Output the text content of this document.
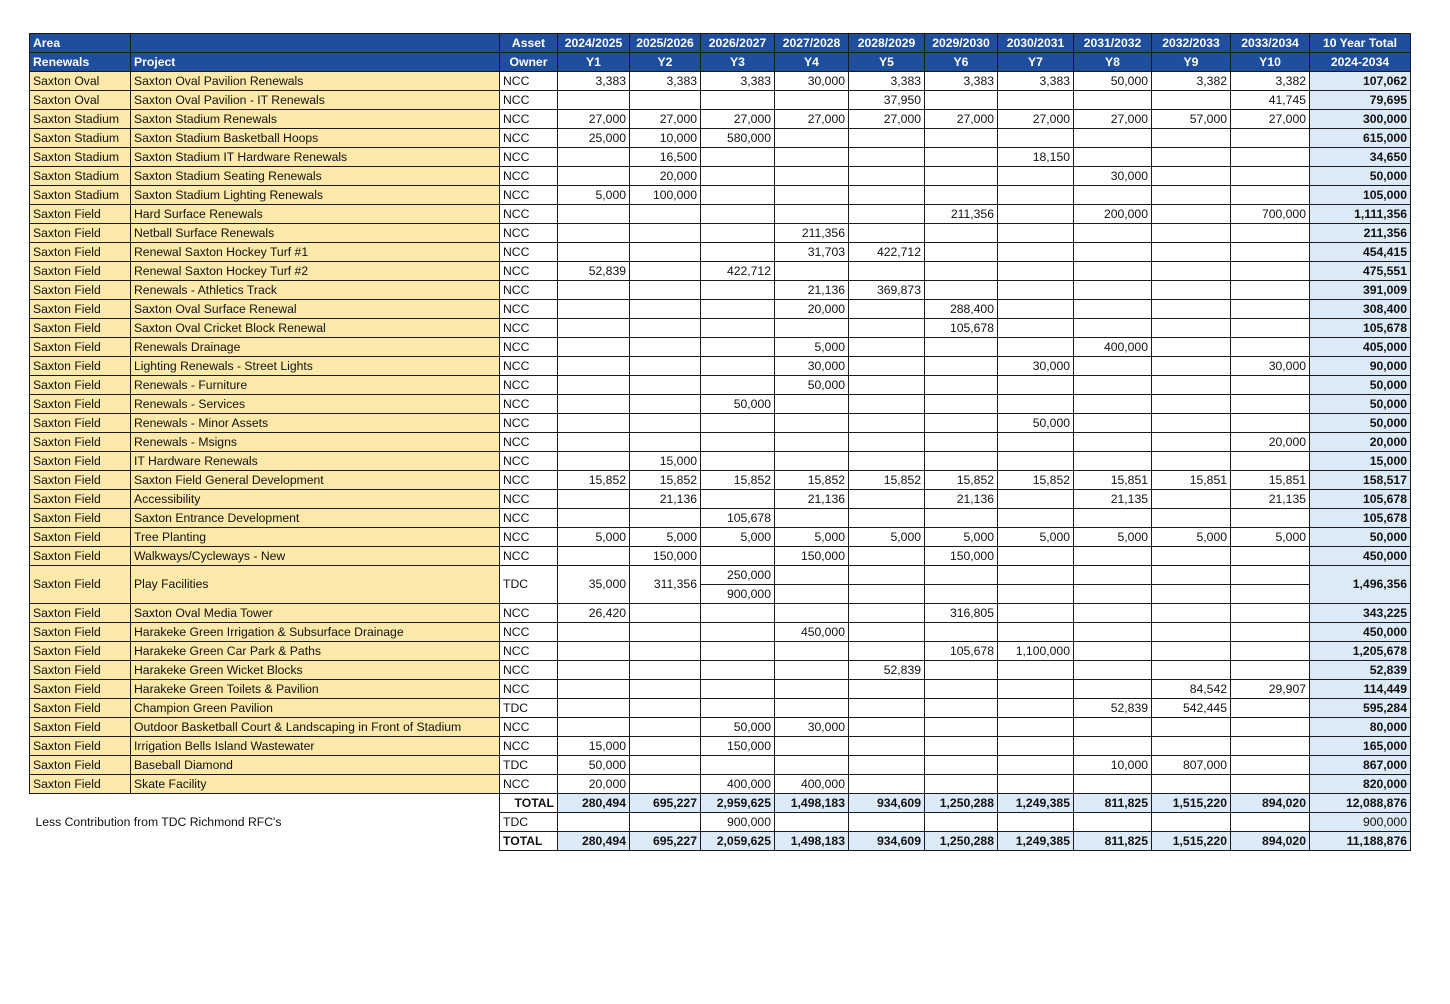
Area		Asset	2024/2025	2025/2026	2026/2027	2027/2028	2028/2029	2029/2030	2030/2031	2031/2032	2032/2033	2033/2034	10 Year Total
Renewals	Project	Owner	Y1	Y2	Y3	Y4	Y5	Y6	Y7	Y8	Y9	Y10	2024-2034
Saxton Oval	Saxton Oval Pavilion Renewals	NCC	3,383	3,383	3,383	30,000	3,383	3,383	3,383	50,000	3,382	3,382	107,062
Saxton Oval	Saxton Oval Pavilion - IT Renewals	NCC					37,950					41,745	79,695
Saxton Stadium	Saxton Stadium Renewals	NCC	27,000	27,000	27,000	27,000	27,000	27,000	27,000	27,000	57,000	27,000	300,000
Saxton Stadium	Saxton Stadium Basketball Hoops	NCC	25,000	10,000	580,000								615,000
Saxton Stadium	Saxton Stadium IT Hardware Renewals	NCC		16,500					18,150				34,650
Saxton Stadium	Saxton Stadium Seating Renewals	NCC		20,000						30,000			50,000
Saxton Stadium	Saxton Stadium Lighting Renewals	NCC	5,000	100,000									105,000
Saxton Field	Hard Surface Renewals	NCC						211,356		200,000		700,000	1,111,356
Saxton Field	Netball Surface Renewals	NCC				211,356							211,356
Saxton Field	Renewal Saxton Hockey Turf #1	NCC				31,703	422,712						454,415
Saxton Field	Renewal Saxton Hockey Turf #2	NCC	52,839		422,712								475,551
Saxton Field	Renewals - Athletics Track	NCC				21,136	369,873						391,009
Saxton Field	Saxton Oval Surface Renewal	NCC				20,000		288,400					308,400
Saxton Field	Saxton Oval Cricket Block Renewal	NCC						105,678					105,678
Saxton Field	Renewals Drainage	NCC				5,000				400,000			405,000
Saxton Field	Lighting Renewals - Street Lights	NCC				30,000			30,000			30,000	90,000
Saxton Field	Renewals - Furniture	NCC				50,000							50,000
Saxton Field	Renewals - Services	NCC			50,000								50,000
Saxton Field	Renewals - Minor Assets	NCC							50,000				50,000
Saxton Field	Renewals - Msigns	NCC										20,000	20,000
Saxton Field	IT Hardware Renewals	NCC		15,000									15,000
Saxton Field	Saxton Field General Development	NCC	15,852	15,852	15,852	15,852	15,852	15,852	15,852	15,851	15,851	15,851	158,517
Saxton Field	Accessibility	NCC		21,136		21,136		21,136		21,135		21,135	105,678
Saxton Field	Saxton Entrance Development	NCC			105,678								105,678
Saxton Field	Tree Planting	NCC	5,000	5,000	5,000	5,000	5,000	5,000	5,000	5,000	5,000	5,000	50,000
Saxton Field	Walkways/Cycleways - New	NCC		150,000		150,000		150,000					450,000
Saxton Field	Play Facilities	TDC	35,000	311,356	250,000								1,496,356
					900,000								
Saxton Field	Saxton Oval Media Tower	NCC	26,420					316,805					343,225
Saxton Field	Harakeke Green Irrigation & Subsurface Drainage	NCC				450,000							450,000
Saxton Field	Harakeke Green Car Park & Paths	NCC						105,678	1,100,000				1,205,678
Saxton Field	Harakeke Green Wicket Blocks	NCC					52,839						52,839
Saxton Field	Harakeke Green Toilets & Pavilion	NCC									84,542	29,907	114,449
Saxton Field	Champion Green Pavilion	TDC								52,839	542,445		595,284
Saxton Field	Outdoor Basketball Court & Landscaping in Front of Stadium	NCC			50,000	30,000							80,000
Saxton Field	Irrigation Bells Island Wastewater	NCC	15,000		150,000								165,000
Saxton Field	Baseball Diamond	TDC	50,000							10,000	807,000		867,000
Saxton Field	Skate Facility	NCC	20,000		400,000	400,000							820,000
		TOTAL	280,494	695,227	2,959,625	1,498,183	934,609	1,250,288	1,249,385	811,825	1,515,220	894,020	12,088,876
Less Contribution from TDC Richmond RFC's		TDC			900,000								900,000
		TOTAL	280,494	695,227	2,059,625	1,498,183	934,609	1,250,288	1,249,385	811,825	1,515,220	894,020	11,188,876
